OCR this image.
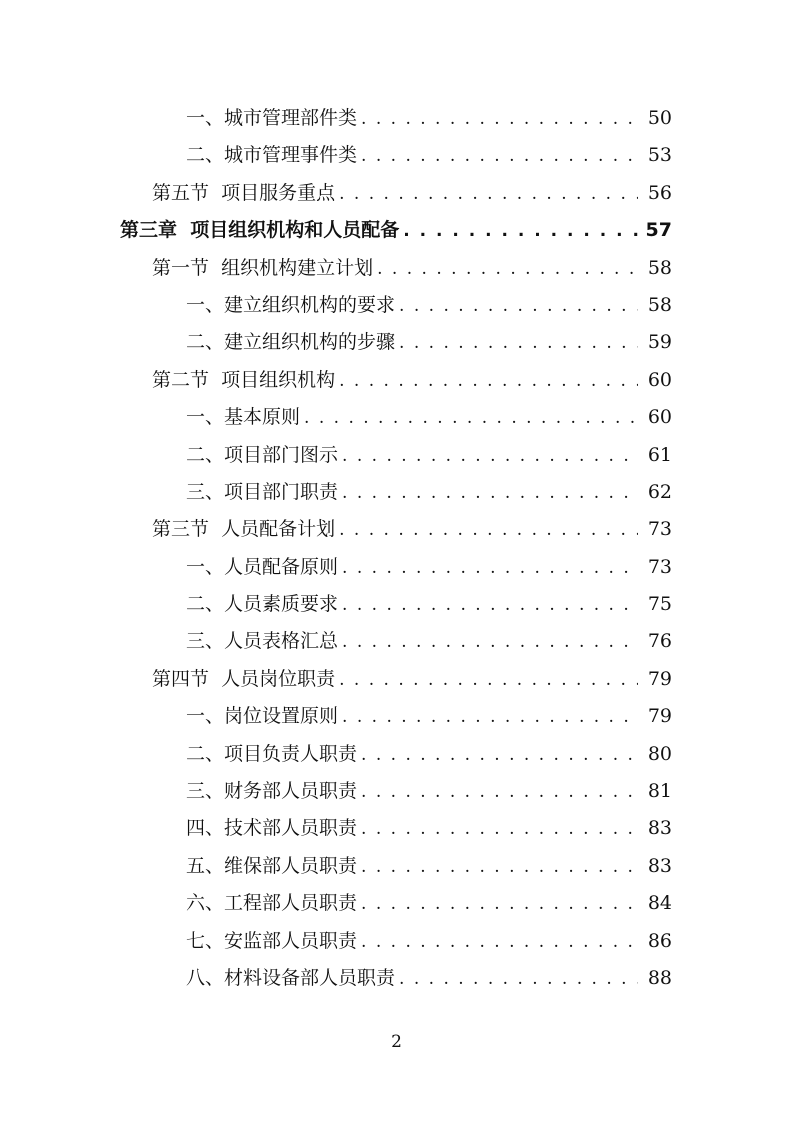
一、城市管理部件类 . . .	50
二、城市管理事件类 . . .	53
第五节  项目服务重点 . . .	56
第三章  项目组织机构和人员配备 . . .	57
第一节  组织机构建立计划 . . .	58
一、建立组织机构的要求 . . .	58
二、建立组织机构的步骤 . . .	59
第二节  项目组织机构 . . .	60
一、基本原则 . . .	60
二、项目部门图示 . . .	61
三、项目部门职责 . . .	62
第三节  人员配备计划 . . .	73
一、人员配备原则 . . .	73
二、人员素质要求 . . .	75
三、人员表格汇总 . . .	76
第四节  人员岗位职责 . . .	79
一、岗位设置原则 . . .	79
二、项目负责人职责 . . .	80
三、财务部人员职责 . . .	81
四、技术部人员职责 . . .	83
五、维保部人员职责 . . .	83
六、工程部人员职责 . . .	84
七、安监部人员职责 . . .	86
八、材料设备部人员职责 . . .	88
2
